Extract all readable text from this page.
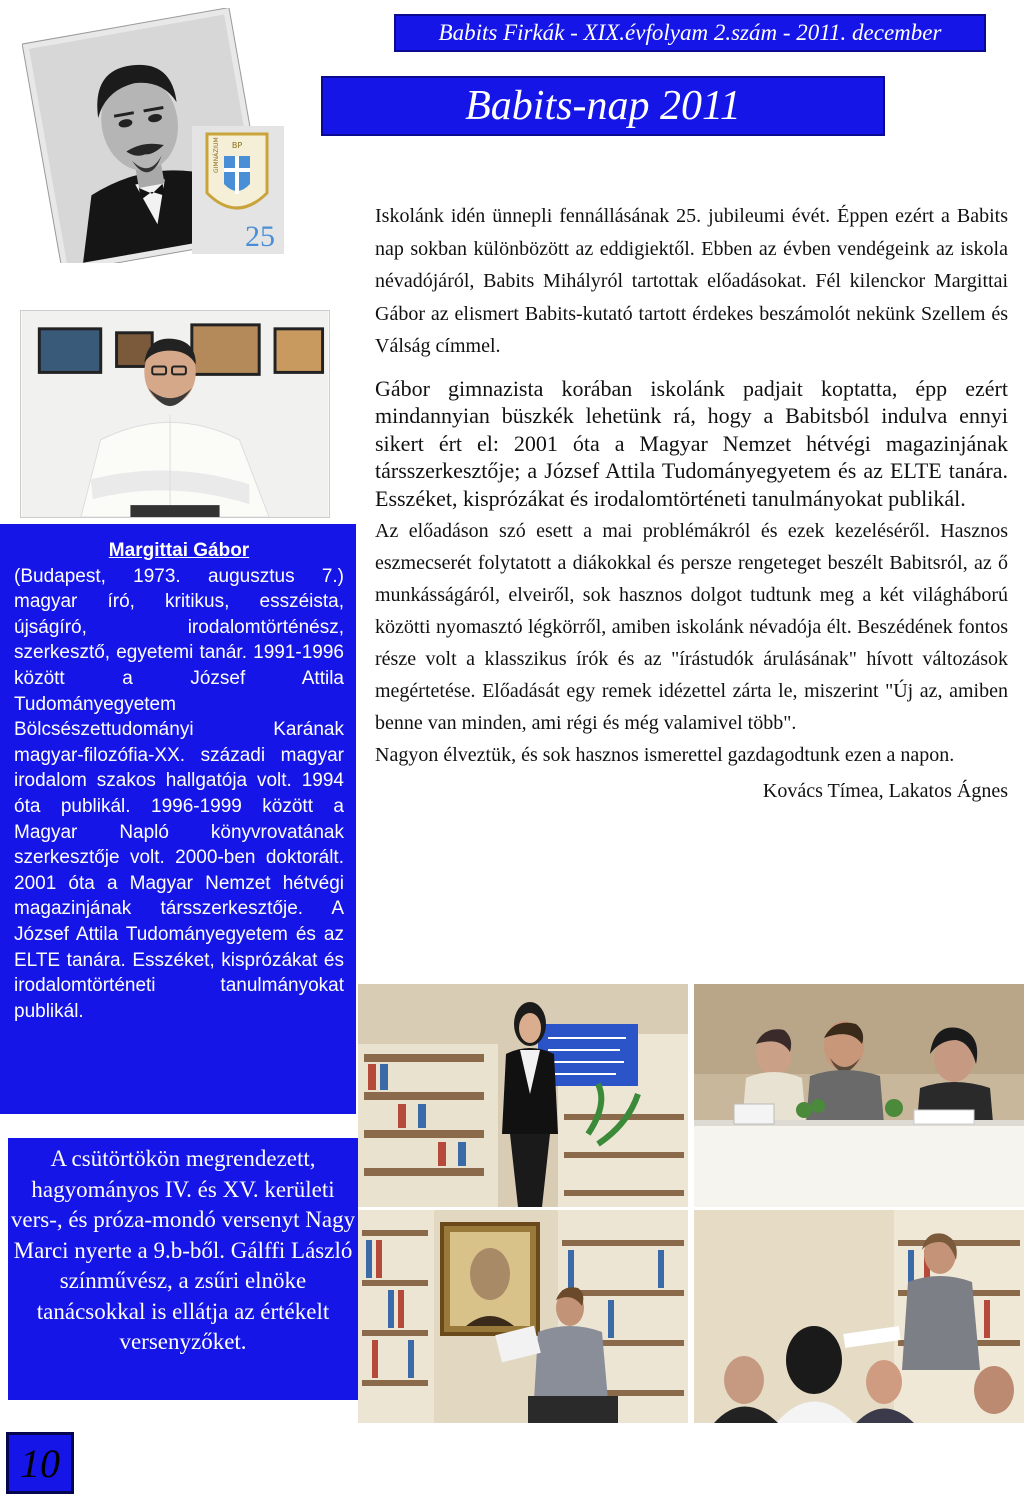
Babits Firkák - XIX.évfolyam 2.szám - 2011. december
Babits-nap 2011
BP
GIMNÁZIUM
25
Margittai Gábor
(Budapest, 1973. augusztus 7.) magyar író, kritikus, esszéista, újságíró, irodalomtörténész, szerkesztő, egyetemi tanár. 1991-1996 között a József Attila Tudományegyetem Bölcsészettudományi Karának magyar-filozófia-XX. századi magyar irodalom szakos hallgatója volt. 1994 óta publikál. 1996-1999 között a Magyar Napló könyvrovatának szerkesztője volt. 2000-ben doktorált. 2001 óta a Magyar Nemzet hétvégi magazinjának társszerkesztője. A József Attila Tudományegyetem és az ELTE tanára. Esszéket, kisprózákat és irodalomtörténeti tanulmányokat publikál.
A csütörtökön megrendezett, hagyományos IV. és XV. kerületi vers-, és próza-mondó versenyt Nagy Marci nyerte a 9.b-ből. Gálffi László színművész, a zsűri elnöke tanácsokkal is ellátja az értékelt versenyzőket.

Iskolánk idén ünnepli fennállásának 25. jubileumi évét. Éppen ezért a Babits nap sokban különbözött az eddigiektől. Ebben az évben vendégeink az iskola névadójáról, Babits Mihályról tartottak előadásokat. Fél kilenckor Margittai Gábor az elismert Babits-kutató tartott érdekes beszámolót nekünk Szellem és Válság címmel.

Gábor gimnazista korában iskolánk padjait koptatta, épp ezért mindannyian büszkék lehetünk rá, hogy a Babitsból indulva ennyi sikert ért el: 2001 óta a Magyar Nemzet hétvégi magazinjának társszerkesztője; a József Attila Tudományegyetem és az ELTE tanára. Esszéket, kisprózákat és irodalomtörténeti tanulmányokat publikál.

Az előadáson szó esett a mai problémákról és ezek kezeléséről. Hasznos eszmecserét folytatott a diákokkal és persze rengeteget beszélt Babitsról, az ő munkásságáról, elveiről, sok hasznos dolgot tudtunk meg a két világháború közötti nyomasztó légkörről, amiben iskolánk névadója élt. Beszédének fontos része volt a klasszikus írók és az "írástudók árulásának" hívott változások megértetése. Előadását egy remek idézettel zárta le, miszerint "Új az, amiben benne van minden, ami régi és még valamivel több".

Nagyon élveztük, és sok hasznos ismerettel gazdagodtunk ezen a napon.

Kovács Tímea, Lakatos Ágnes

10
